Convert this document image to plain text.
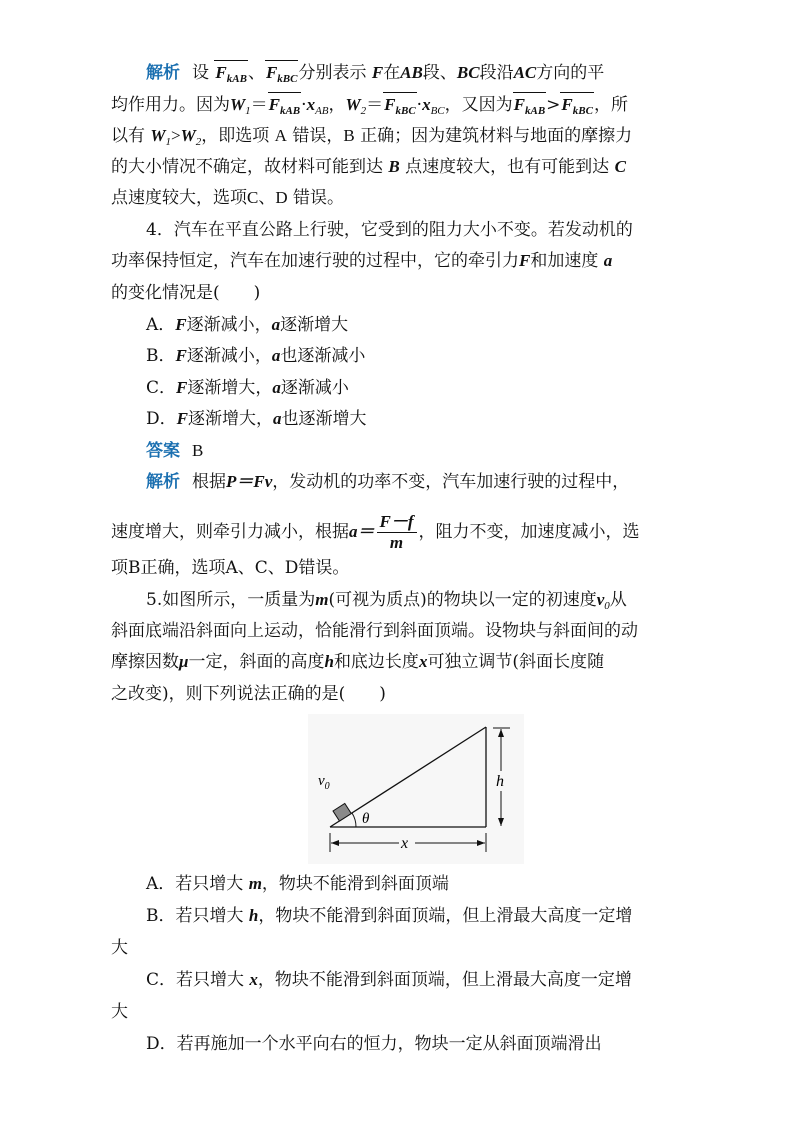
解析 设 $F_{kAB}$、$F_{kBC}$分别表示 F在AB段、BC段沿AC方向的平
均作用力。因为$W_1=F_{kAB}\cdot x_{AB}$，$W_2=F_{kBC}\cdot x_{BC}$，又因为$F_{kAB}>F_{kBC}$，所
以有 $W_1>W_2$，即选项 A 错误，B 正确；因为建筑材料与地面的摩擦力
的大小情况不确定，故材料可能到达 B 点速度较大，也有可能到达 C
点速度较大，选项C、D 错误。
4．汽车在平直公路上行驶，它受到的阻力大小不变。若发动机的
功率保持恒定，汽车在加速行驶的过程中，它的牵引力F和加速度 a
的变化情况是(　　)
A．F逐渐减小，a逐渐增大
B．F逐渐减小，a也逐渐减小
C．F逐渐增大，a逐渐减小
D．F逐渐增大，a也逐渐增大
答案 B
解析 根据P＝Fv，发动机的功率不变，汽车加速行驶的过程中，
速度增大，则牵引力减小，根据$a= \frac{F-f}{m}$ ，阻力不变，加速度减小，选
项B正确，选项A、C、D错误。
5.如图所示，一质量为m(可视为质点)的物块以一定的初速度$v_0$从
斜面底端沿斜面向上运动，恰能滑行到斜面顶端。设物块与斜面间的动
摩擦因数μ一定，斜面的高度h和底边长度x可独立调节(斜面长度随
之改变)，则下列说法正确的是(　　)
θ
$v_0$	h
x
A．若只增大 m，物块不能滑到斜面顶端
B．若只增大 h，物块不能滑到斜面顶端，但上滑最大高度一定增
大
C．若只增大 x，物块不能滑到斜面顶端，但上滑最大高度一定增
大
D．若再施加一个水平向右的恒力，物块一定从斜面顶端滑出
